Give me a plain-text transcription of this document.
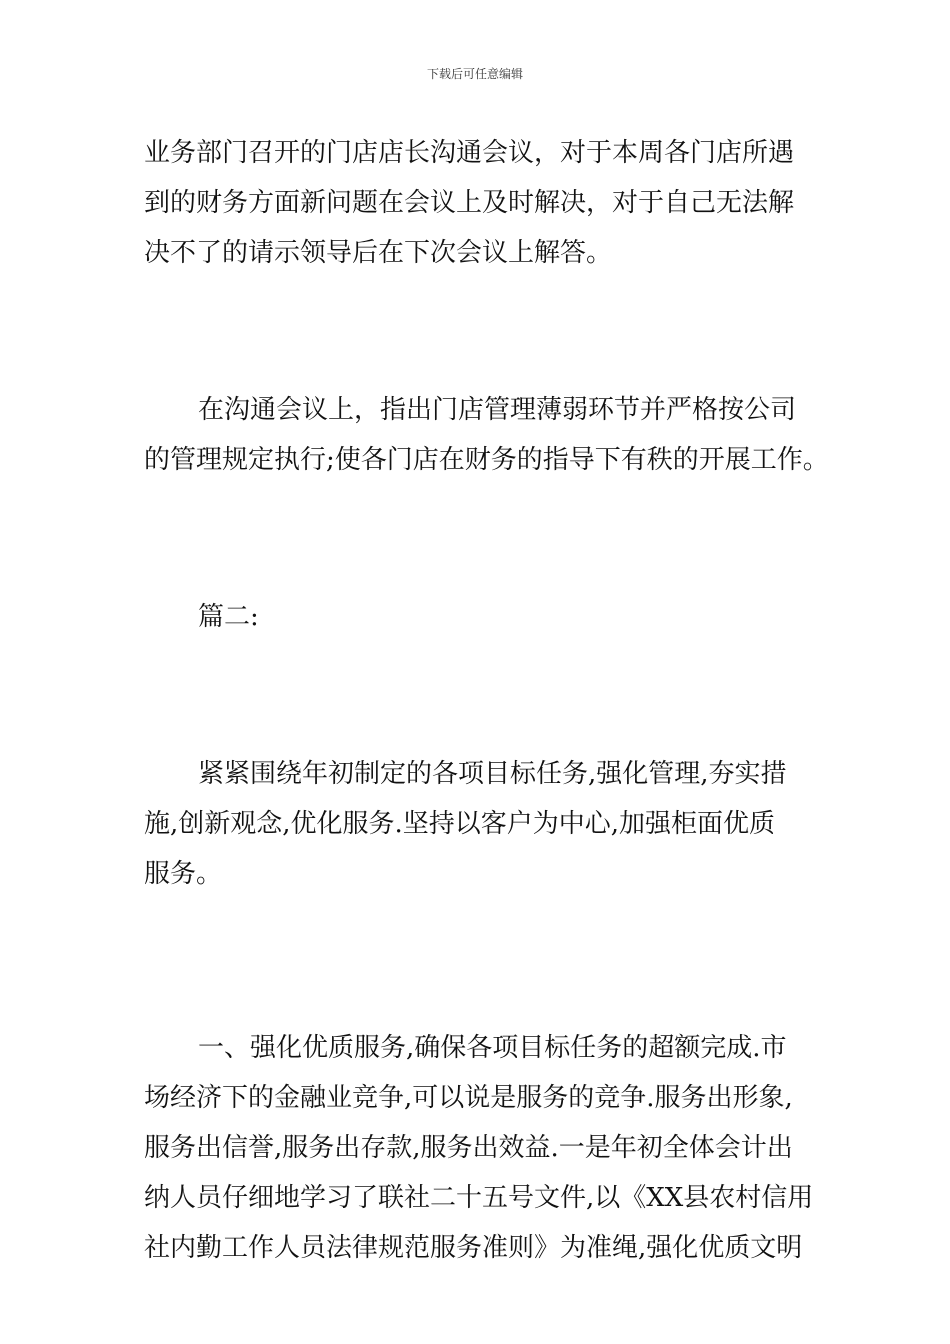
下载后可任意编辑

业务部门召开的门店店长沟通会议，对于本周各门店所遇

到的财务方面新问题在会议上及时解决，对于自己无法解

决不了的请示领导后在下次会议上解答。

在沟通会议上，指出门店管理薄弱环节并严格按公司

的管理规定执行;使各门店在财务的指导下有秩的开展工作。

篇二:

紧紧围绕年初制定的各项目标任务,强化管理,夯实措

施,创新观念,优化服务.坚持以客户为中心,加强柜面优质

服务。

一、强化优质服务,确保各项目标任务的超额完成.市

场经济下的金融业竞争,可以说是服务的竞争.服务出形象,

服务出信誉,服务出存款,服务出效益.一是年初全体会计出

纳人员仔细地学习了联社二十五号文件,以《XX县农村信用

社内勤工作人员法律规范服务准则》为准绳,强化优质文明
